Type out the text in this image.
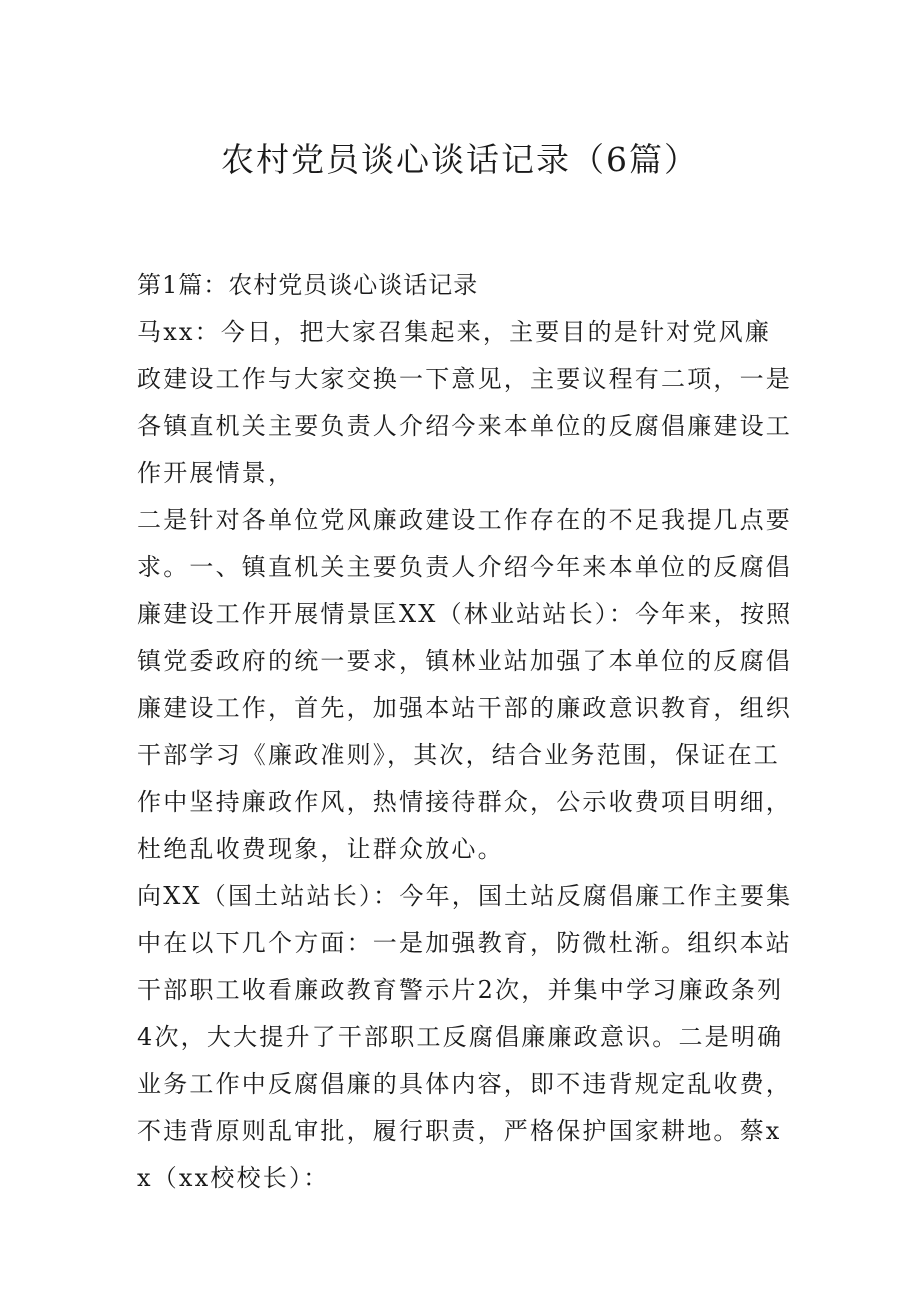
农村党员谈心谈话记录（6篇）

第1篇：农村党员谈心谈话记录

马xx：今日，把大家召集起来，主要目的是针对党风廉政建设工作与大家交换一下意见，主要议程有二项，一是各镇直机关主要负责人介绍今来本单位的反腐倡廉建设工作开展情景，

二是针对各单位党风廉政建设工作存在的不足我提几点要求。一、镇直机关主要负责人介绍今年来本单位的反腐倡廉建设工作开展情景匡XX（林业站站长）：今年来，按照镇党委政府的统一要求，镇林业站加强了本单位的反腐倡廉建设工作，首先，加强本站干部的廉政意识教育，组织干部学习《廉政准则》，其次，结合业务范围，保证在工作中坚持廉政作风，热情接待群众，公示收费项目明细，杜绝乱收费现象，让群众放心。

向XX（国土站站长）：今年，国土站反腐倡廉工作主要集中在以下几个方面：一是加强教育，防微杜渐。组织本站干部职工收看廉政教育警示片2次，并集中学习廉政条列4次，大大提升了干部职工反腐倡廉廉政意识。二是明确业务工作中反腐倡廉的具体内容，即不违背规定乱收费，不违背原则乱审批，履行职责，严格保护国家耕地。蔡xx（xx校校长）：
